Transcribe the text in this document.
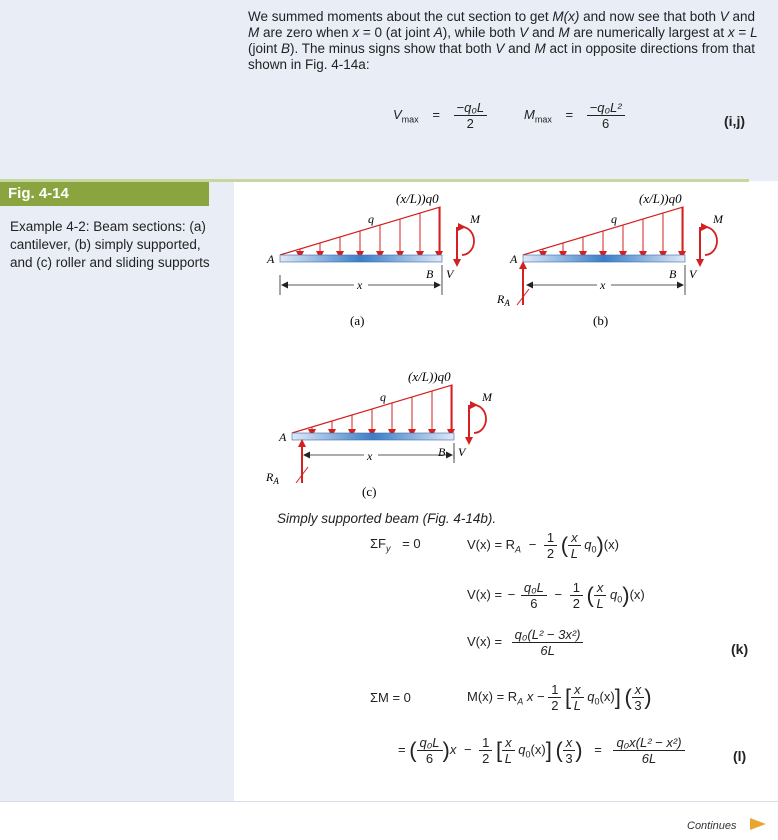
We summed moments about the cut section to get M(x) and now see that both V and M are zero when x = 0 (at joint A), while both V and M are numerically largest at x = L (joint B). The minus signs show that both V and M act in opposite directions from that shown in Fig. 4-14a:
$V_{max} = \frac{\text{−q₀L}}{2}$	$M_{max} = \frac{\text{−q₀L²}}{6}$	(i,j)
Fig. 4-14
Example 4-2: Beam sections: (a) cantilever, (b) simply supported, and (c) roller and sliding supports
(x/L))q0
q
A
B V
M
x
(a)
(x/L))q0
q
A
B V
M
$R_A$
x
(b)
(x/L))q0
q
A
B V
M
$R_A$
x
(c)
Simply supported beam (Fig. 4-14b).
$\Sigma F_y = 0$	$V(x) = R_A - \frac{1}{2}$ ( $\frac{x}{L} q_0)(x)$
V(x) = − $\frac{\text{q₀L}}{6} - \frac{1}{2}$ ( $\frac{x}{L} q_0)(x)$
$V(x) = \frac{\text{q₀(L² − 3x²)}}{6L}$	(k)
ΣM = 0	$M(x) = R_A$ $x - \frac{1}{2}$ [ $\frac{x}{L} q_0(x)$] ( $\frac{x}{3}$ )
= ( $\frac{\text{q₀L}}{6} )x - \frac{1}{2}$ [ $\frac{x}{L} q_0(x)$] ( $\frac{x}{3}$ ) = $\frac{\text{q₀x(L² − x²)}}{6L}$	(l)
Continues
